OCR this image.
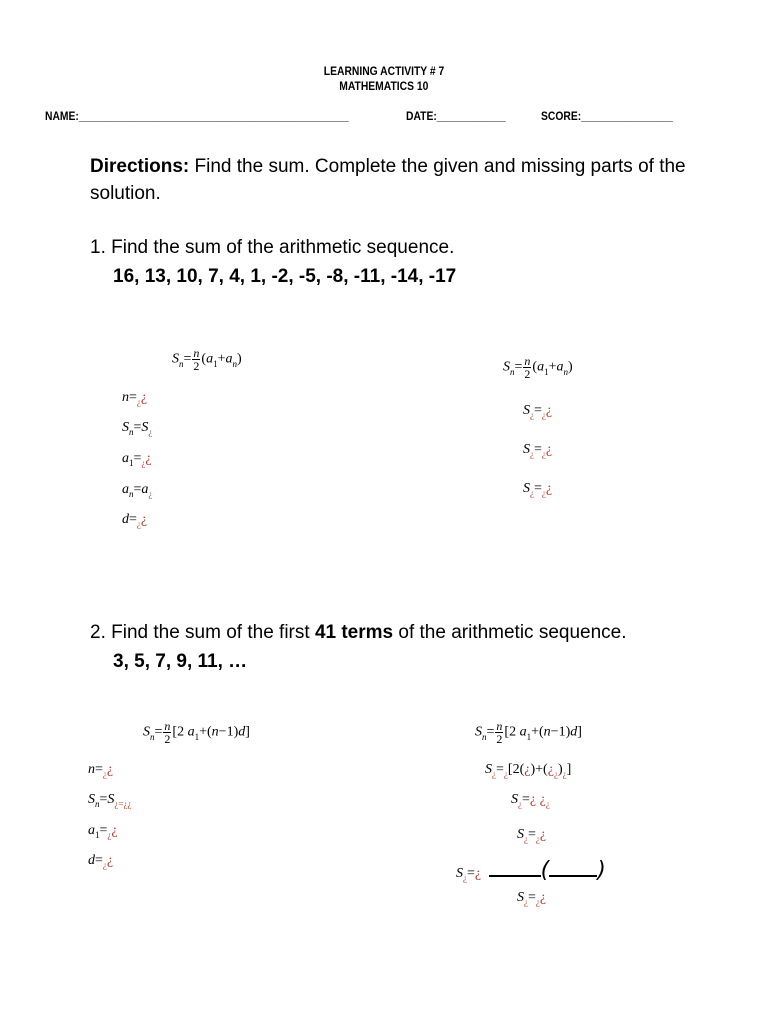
LEARNING ACTIVITY # 7
MATHEMATICS 10
NAME:_______________________________________________	DATE:____________	SCORE:________________
Directions: Find the sum. Complete the given and missing parts of the
solution.
1. Find the sum of the arithmetic sequence.
16, 13, 10, 7, 4, 1, -2, -5, -8, -11, -14, -17
$S_n= \frac{n}{2} (a_1+a_n)$
$n=_¿¿$
$S_n=S_¿$
$a_1=_¿¿$
$a_n=a_¿$
$d=_¿¿$
$S_n= \frac{n}{2} (a_1+a_n)$
$S_¿=_¿¿$
$S_¿=_¿¿$
$S_¿=_¿¿$
2. Find the sum of the first 41 terms of the arithmetic sequence.
3, 5, 7, 9, 11, …
$S_n= \frac{n}{2} [2$ $a_1+(n-1)d$]
$n=_¿¿$
$S_n=S_{¿=¿¿}$
$a_1=_¿¿$
$d=_¿¿$
$S_n= \frac{n}{2} [2$ $a_1+(n-1)d$]
$S_¿=_¿[2(¿)+(¿_¿)_¿]$
$S_¿=¿$ ¿$_¿$
$S_¿=_¿¿$
$S_¿=¿$	( )
$S_¿=_¿¿$
